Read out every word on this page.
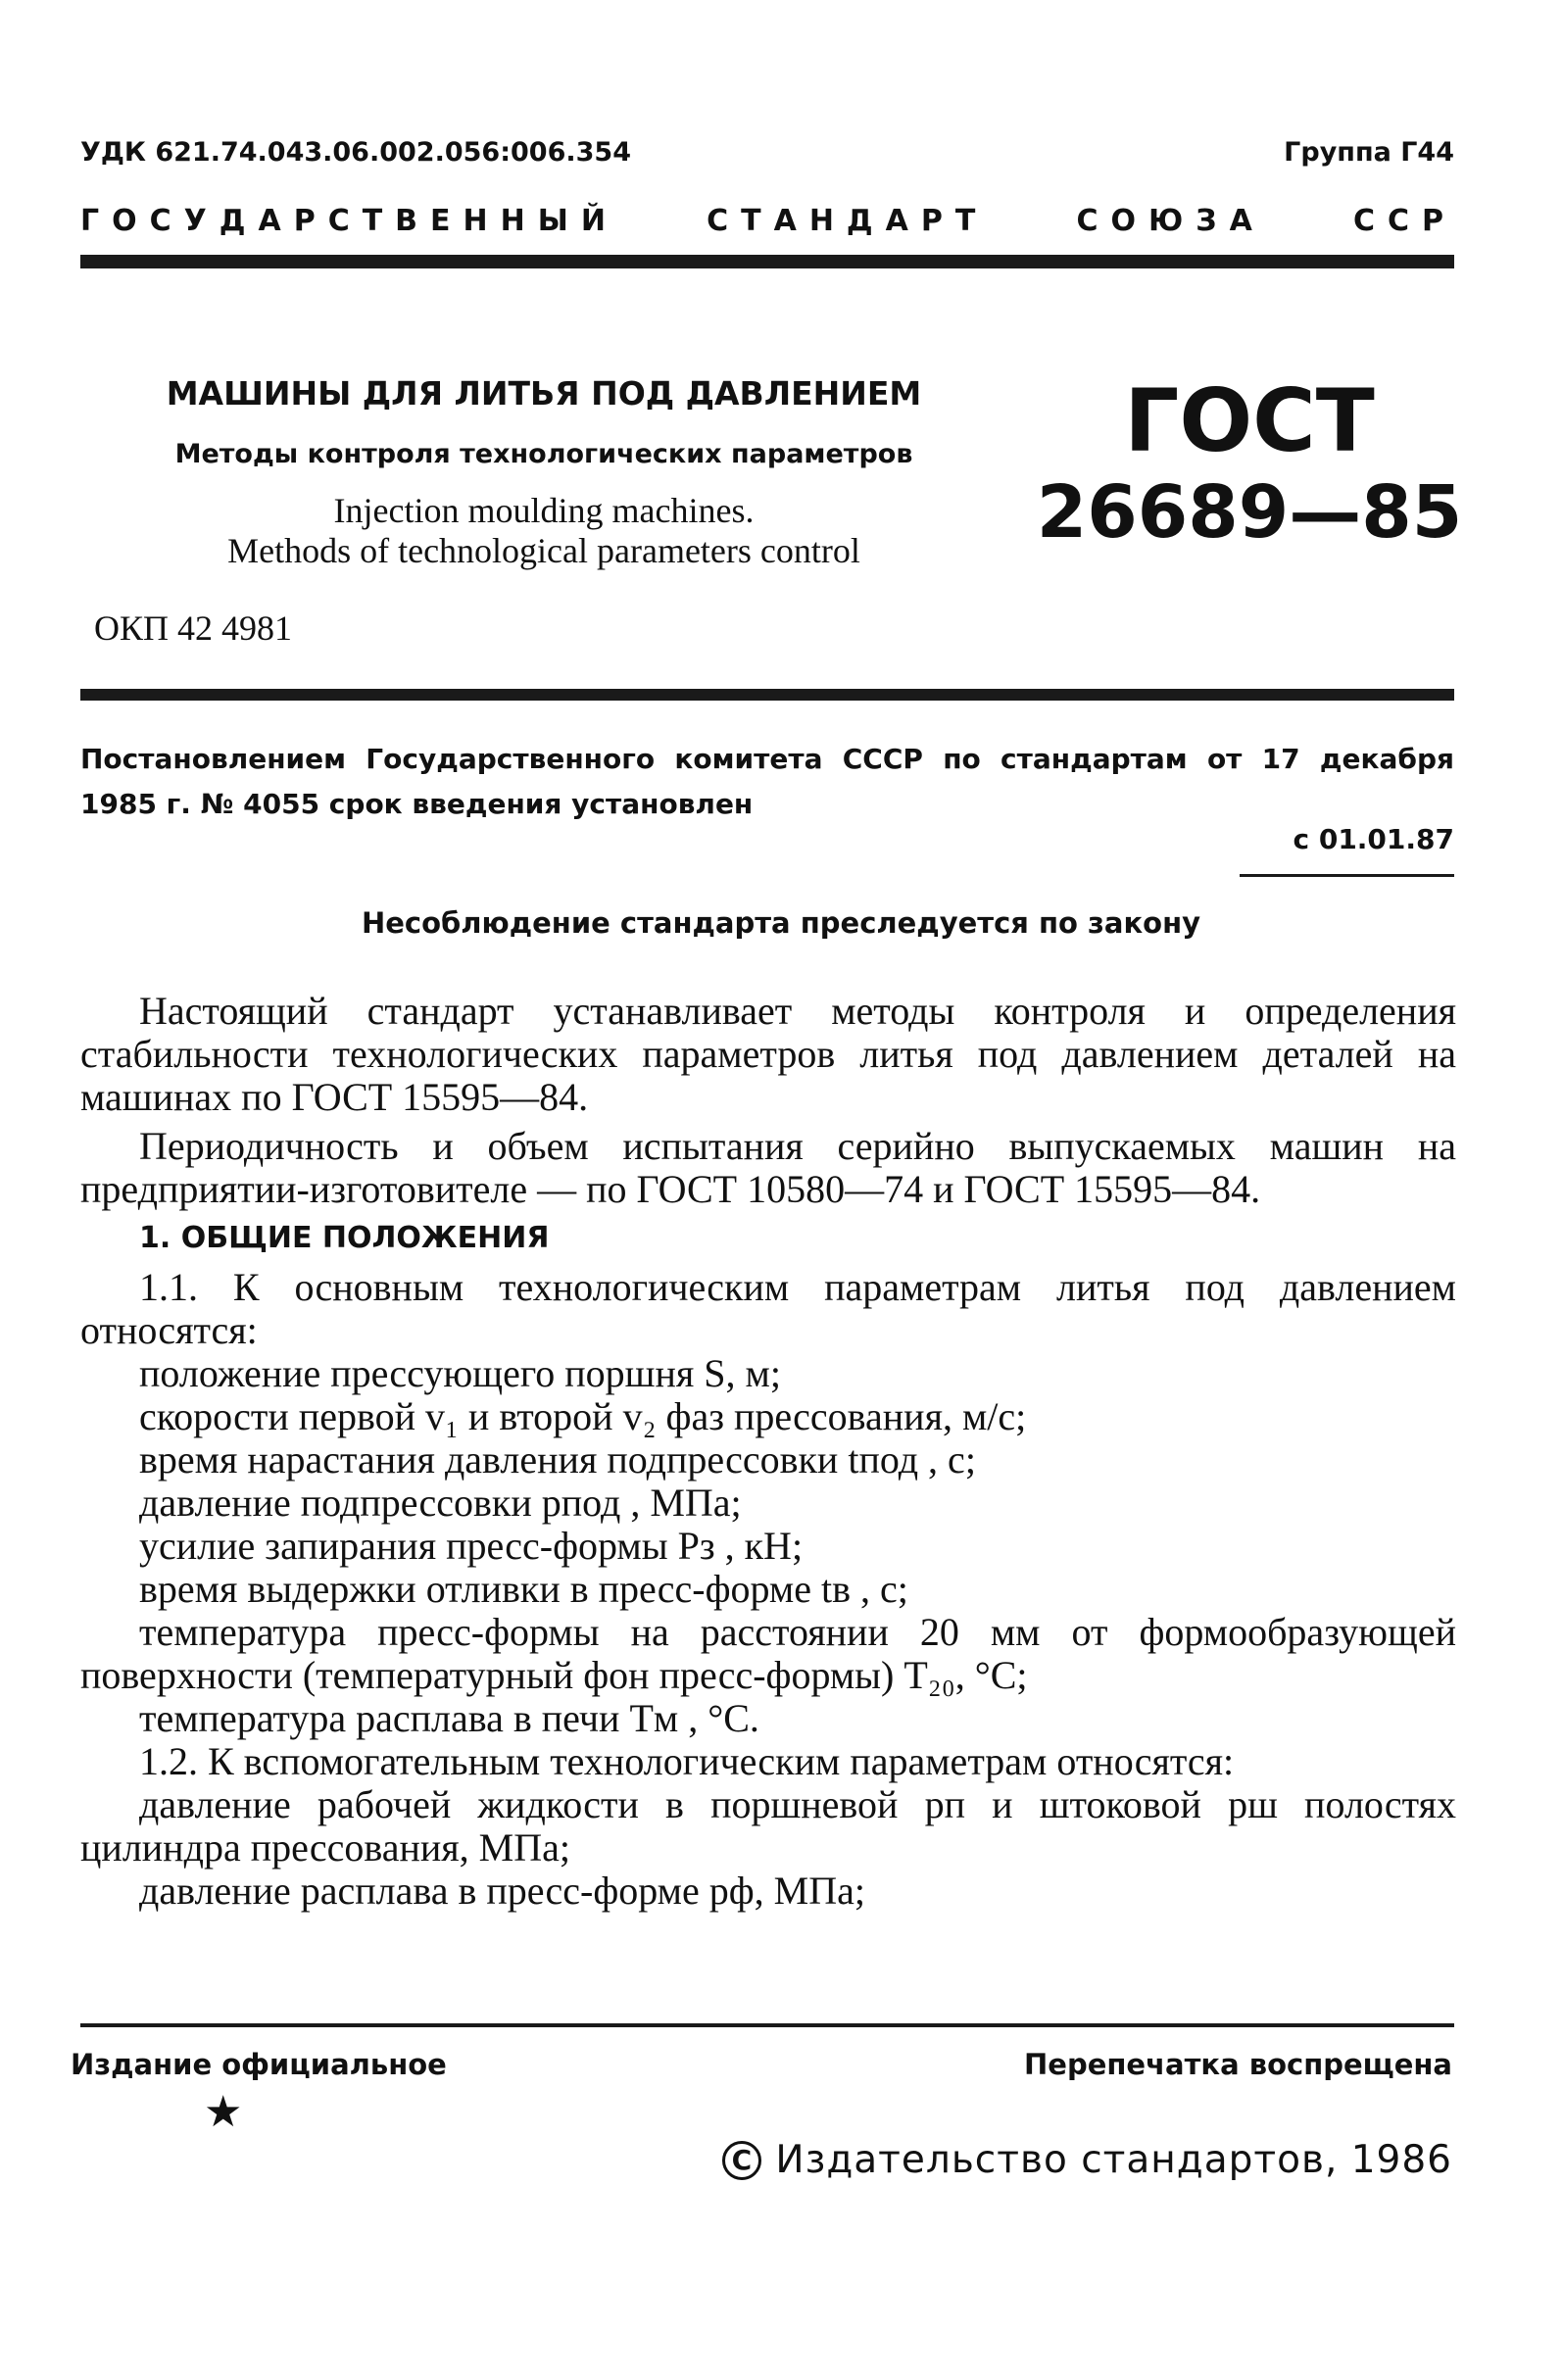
УДК 621.74.043.06.002.056:006.354	Группа Г44
ГОСУДАРСТВЕННЫЙ	СТАНДАРТ	СОЮЗА	ССР
МАШИНЫ ДЛЯ ЛИТЬЯ ПОД ДАВЛЕНИЕМ
Методы контроля технологических параметров
Injection moulding machines.
Methods of technological parameters control
ГОСТ
26689—85
ОКП 42 4981
Постановлением Государственного комитета СССР по стандартам от 17 декабря 1985 г. № 4055 срок введения установлен
с 01.01.87
Несоблюдение стандарта преследуется по закону

Настоящий стандарт устанавливает методы контроля и определения стабильности технологических параметров литья под давлением деталей на машинах по ГОСТ 15595—84.

Периодичность и объем испытания серийно выпускаемых машин на предприятии-изготовителе — по ГОСТ 10580—74 и ГОСТ 15595—84.

1. ОБЩИЕ ПОЛОЖЕНИЯ

1.1. К основным технологическим параметрам литья под давлением относятся:

положение прессующего поршня S, м;

скорости первой v₁ и второй v₂ фаз прессования, м/с;

время нарастания давления подпрессовки tпод , с;

давление подпрессовки pпод , МПа;

усилие запирания пресс-формы Pз , кН;

время выдержки отливки в пресс-форме tв , с;

температура пресс-формы на расстоянии 20 мм от формообразующей поверхности (температурный фон пресс-формы) T₂₀, °С;

температура расплава в печи Tм , °С.

1.2. К вспомогательным технологическим параметрам относятся:

давление рабочей жидкости в поршневой pп и штоковой pш полостях цилиндра прессования, МПа;

давление расплава в пресс-форме pф, МПа;

Издание официальное	Перепечатка воспрещена
★
С Издательство стандартов, 1986
